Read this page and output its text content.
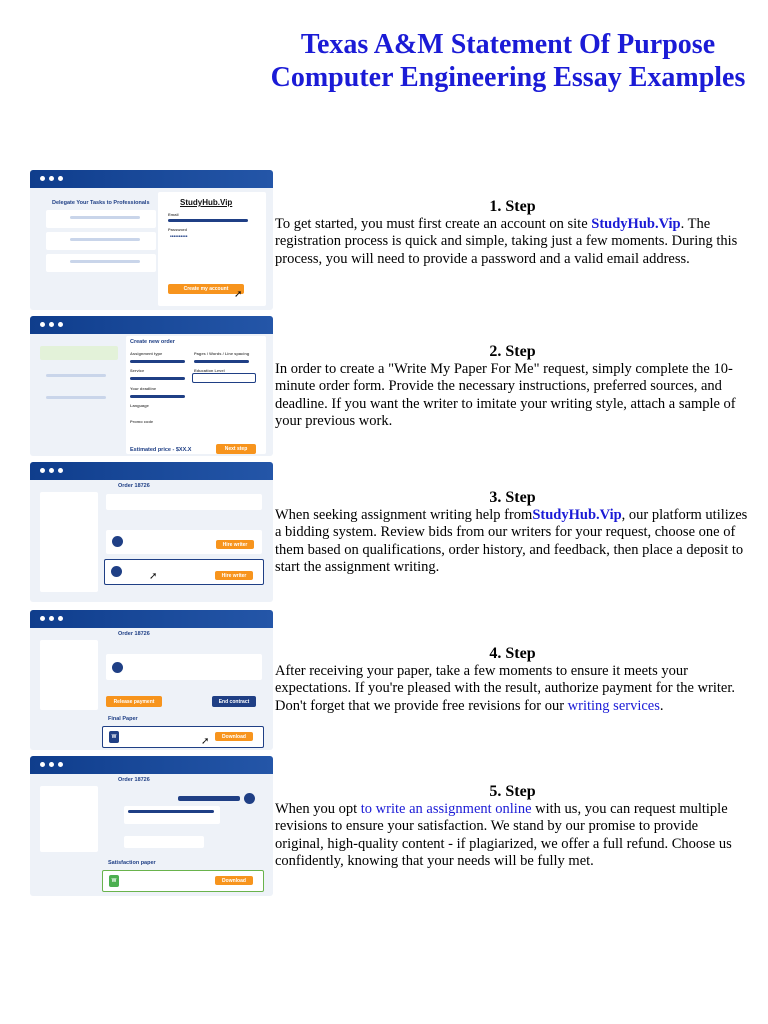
Texas A&M Statement Of Purpose Computer Engineering Essay Examples
Delegate Your Tasks to Professionals	StudyHub.Vip
Email
Password
••••••••••
Create my account ➚
Create new order
Assignment type	Pages / Words / Line spacing
Service	Education Level
Your deadline
Language
Promo code
Estimated price - $XX.X	Next step
Order 18726
Hire writer
Hire writer
➚
Order 18726
Release payment	End contract
Final Paper
W	Download
➚
Order 18726
Satisfaction paper
W	Download
1. Step

To get started, you must first create an account on site StudyHub.Vip. The registration process is quick and simple, taking just a few moments. During this process, you will need to provide a password and a valid email address.

2. Step

In order to create a "Write My Paper For Me" request, simply complete the 10-minute order form. Provide the necessary instructions, preferred sources, and deadline. If you want the writer to imitate your writing style, attach a sample of your previous work.

3. Step

When seeking assignment writing help fromStudyHub.Vip, our platform utilizes a bidding system. Review bids from our writers for your request, choose one of them based on qualifications, order history, and feedback, then place a deposit to start the assignment writing.

4. Step

After receiving your paper, take a few moments to ensure it meets your expectations. If you're pleased with the result, authorize payment for the writer. Don't forget that we provide free revisions for our writing services.

5. Step

When you opt to write an assignment online with us, you can request multiple revisions to ensure your satisfaction. We stand by our promise to provide original, high-quality content - if plagiarized, we offer a full refund. Choose us confidently, knowing that your needs will be fully met.
